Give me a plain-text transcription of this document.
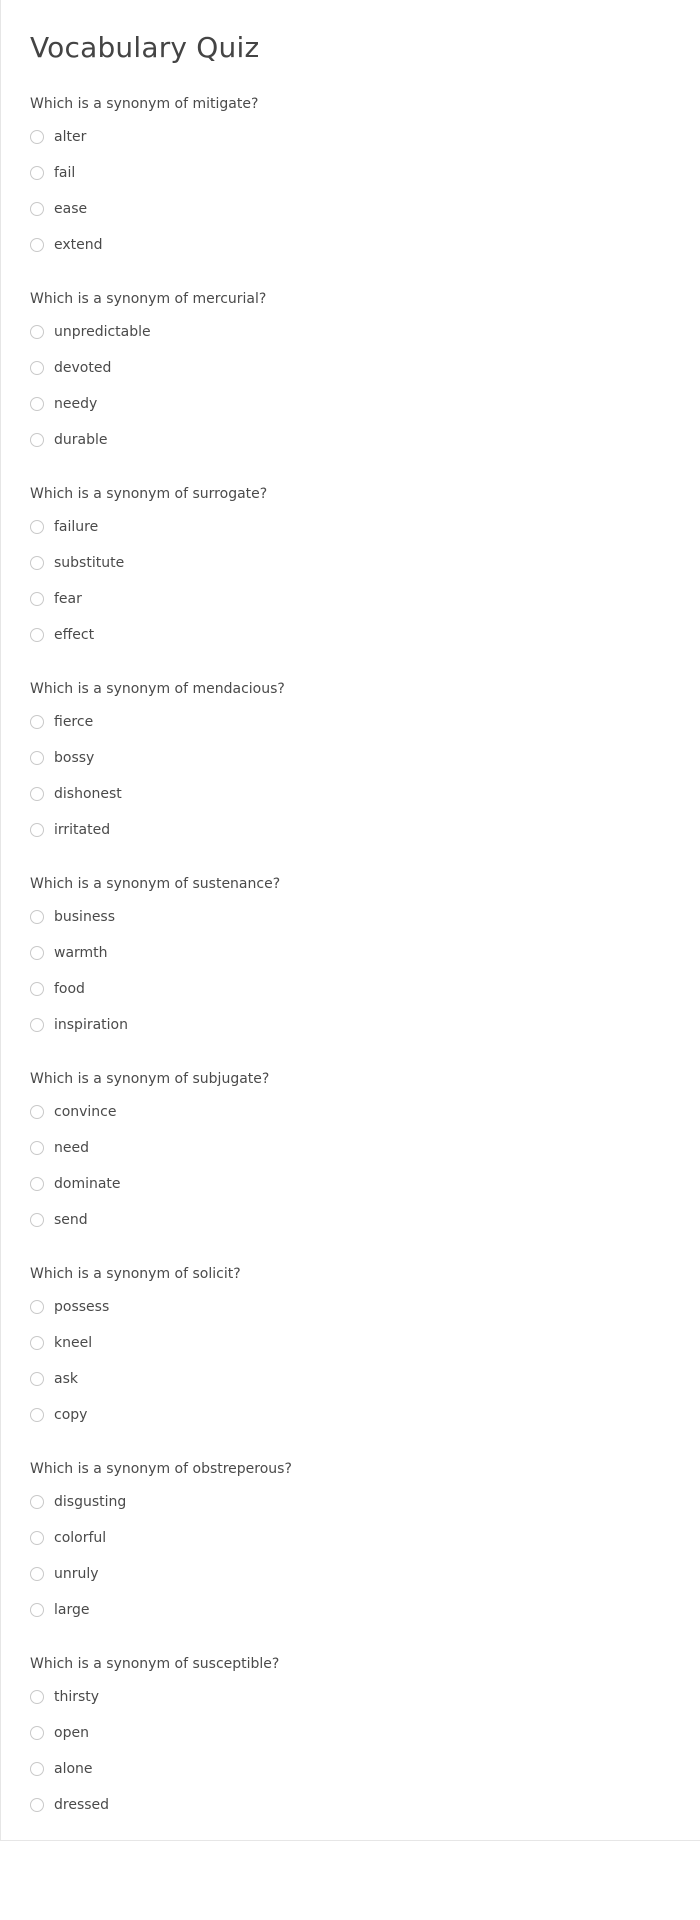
Vocabulary Quiz

Which is a synonym of mitigate?

alter
fail
ease
extend

Which is a synonym of mercurial?

unpredictable
devoted
needy
durable

Which is a synonym of surrogate?

failure
substitute
fear
effect

Which is a synonym of mendacious?

fierce
bossy
dishonest
irritated

Which is a synonym of sustenance?

business
warmth
food
inspiration

Which is a synonym of subjugate?

convince
need
dominate
send

Which is a synonym of solicit?

possess
kneel
ask
copy

Which is a synonym of obstreperous?

disgusting
colorful
unruly
large

Which is a synonym of susceptible?

thirsty
open
alone
dressed
